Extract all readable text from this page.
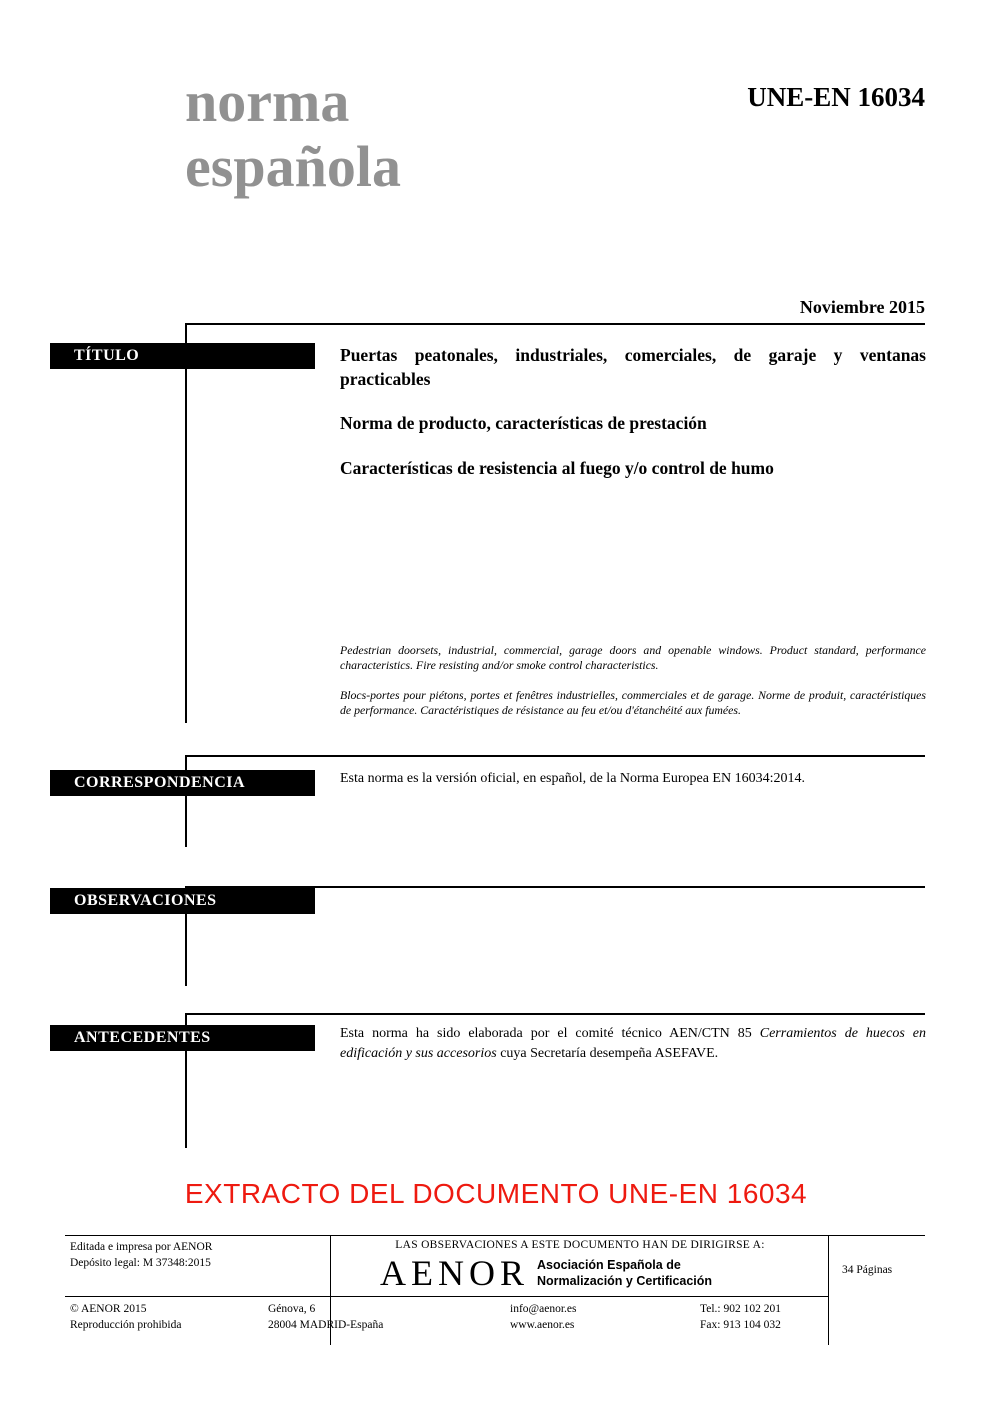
norma
española
UNE-EN 16034
Noviembre 2015
TÍTULO	Puertas peatonales, industriales, comerciales, de garaje y ventanas practicables

Norma de producto, características de prestación

Características de resistencia al fuego y/o control de humo

Pedestrian doorsets, industrial, commercial, garage doors and openable windows. Product standard, performance characteristics. Fire resisting and/or smoke control characteristics.

Blocs-portes pour piétons, portes et fenêtres industrielles, commerciales et de garage. Norme de produit, caractéristiques de performance. Caractéristiques de résistance au feu et/ou d'étanchéité aux fumées.

CORRESPONDENCIA	Esta norma es la versión oficial, en español, de la Norma Europea EN 16034:2014.
OBSERVACIONES
ANTECEDENTES	Esta norma ha sido elaborada por el comité técnico AEN/CTN 85 Cerramientos de huecos en edificación y sus accesorios cuya Secretaría desempeña ASEFAVE.
EXTRACTO DEL DOCUMENTO UNE-EN 16034
Editada e impresa por AENOR
Depósito legal: M 37348:2015
LAS OBSERVACIONES A ESTE DOCUMENTO HAN DE DIRIGIRSE A:
AENOR Asociación Española de
Normalización y Certificación
34 Páginas
© AENOR 2015
Reproducción prohibida
Génova, 6
28004 MADRID-España
info@aenor.es
www.aenor.es
Tel.: 902 102 201
Fax: 913 104 032
